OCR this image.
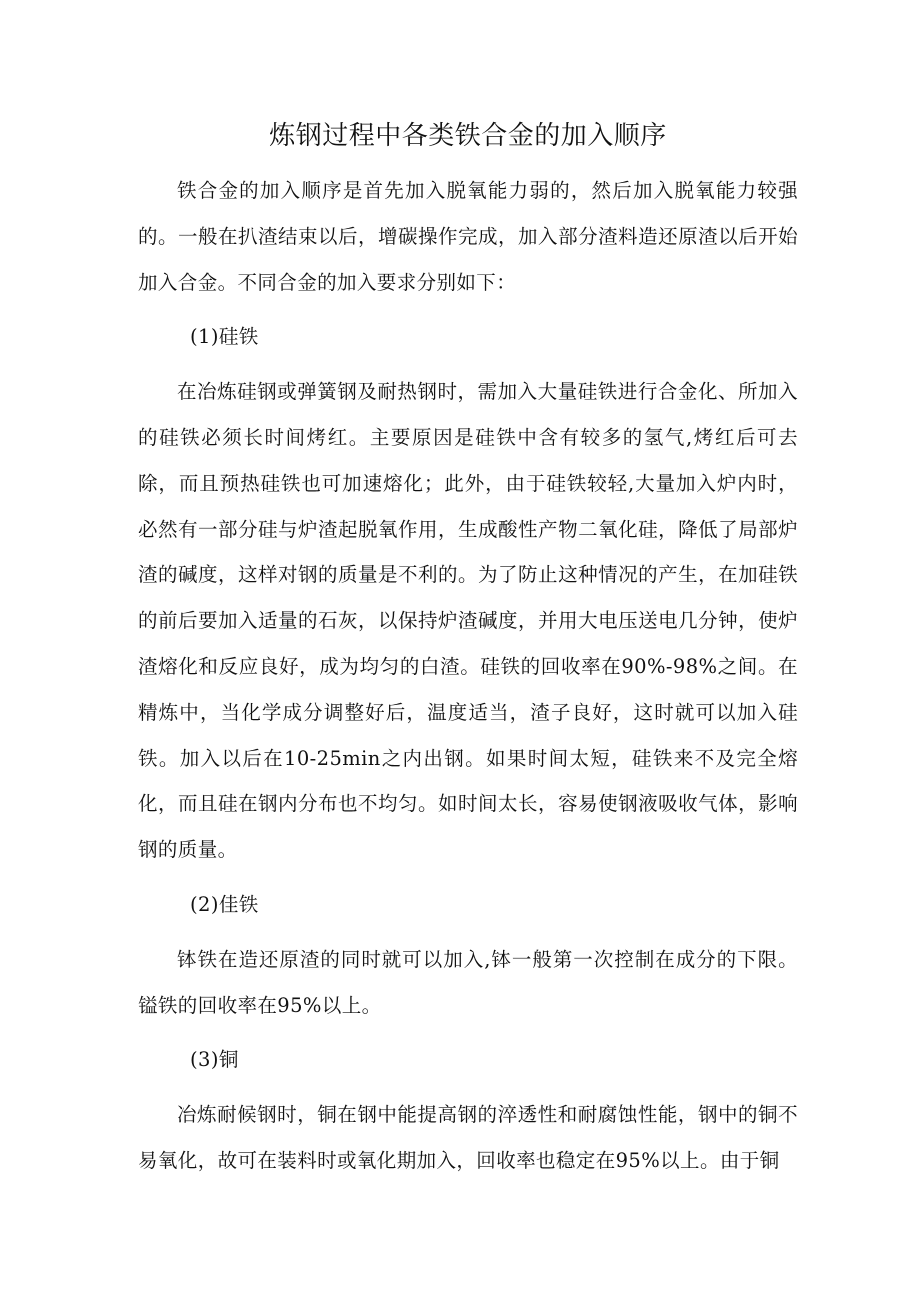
炼钢过程中各类铁合金的加入顺序

铁合金的加入顺序是首先加入脱氧能力弱的，然后加入脱氧能力较强的。一般在扒渣结束以后，增碳操作完成，加入部分渣料造还原渣以后开始加入合金。不同合金的加入要求分别如下：

(1)硅铁

在冶炼硅钢或弹簧钢及耐热钢时，需加入大量硅铁进行合金化、所加入的硅铁必须长时间烤红。主要原因是硅铁中含有较多的氢气,烤红后可去除，而且预热硅铁也可加速熔化；此外，由于硅铁较轻,大量加入炉内时，必然有一部分硅与炉渣起脱氧作用，生成酸性产物二氧化硅，降低了局部炉渣的碱度，这样对钢的质量是不利的。为了防止这种情况的产生，在加硅铁的前后要加入适量的石灰，以保持炉渣碱度，并用大电压送电几分钟，使炉渣熔化和反应良好，成为均匀的白渣。硅铁的回收率在90%-98%之间。在精炼中，当化学成分调整好后，温度适当，渣子良好，这时就可以加入硅铁。加入以后在10-25min之内出钢。如果时间太短，硅铁来不及完全熔化，而且硅在钢内分布也不均匀。如时间太长，容易使钢液吸收气体，影响钢的质量。

(2)佳铁

钵铁在造还原渣的同时就可以加入,钵一般第一次控制在成分的下限。镒铁的回收率在95%以上。

(3)铜

冶炼耐候钢时，铜在钢中能提高钢的淬透性和耐腐蚀性能，钢中的铜不易氧化，故可在装料时或氧化期加入，回收率也稳定在95%以上。由于铜
